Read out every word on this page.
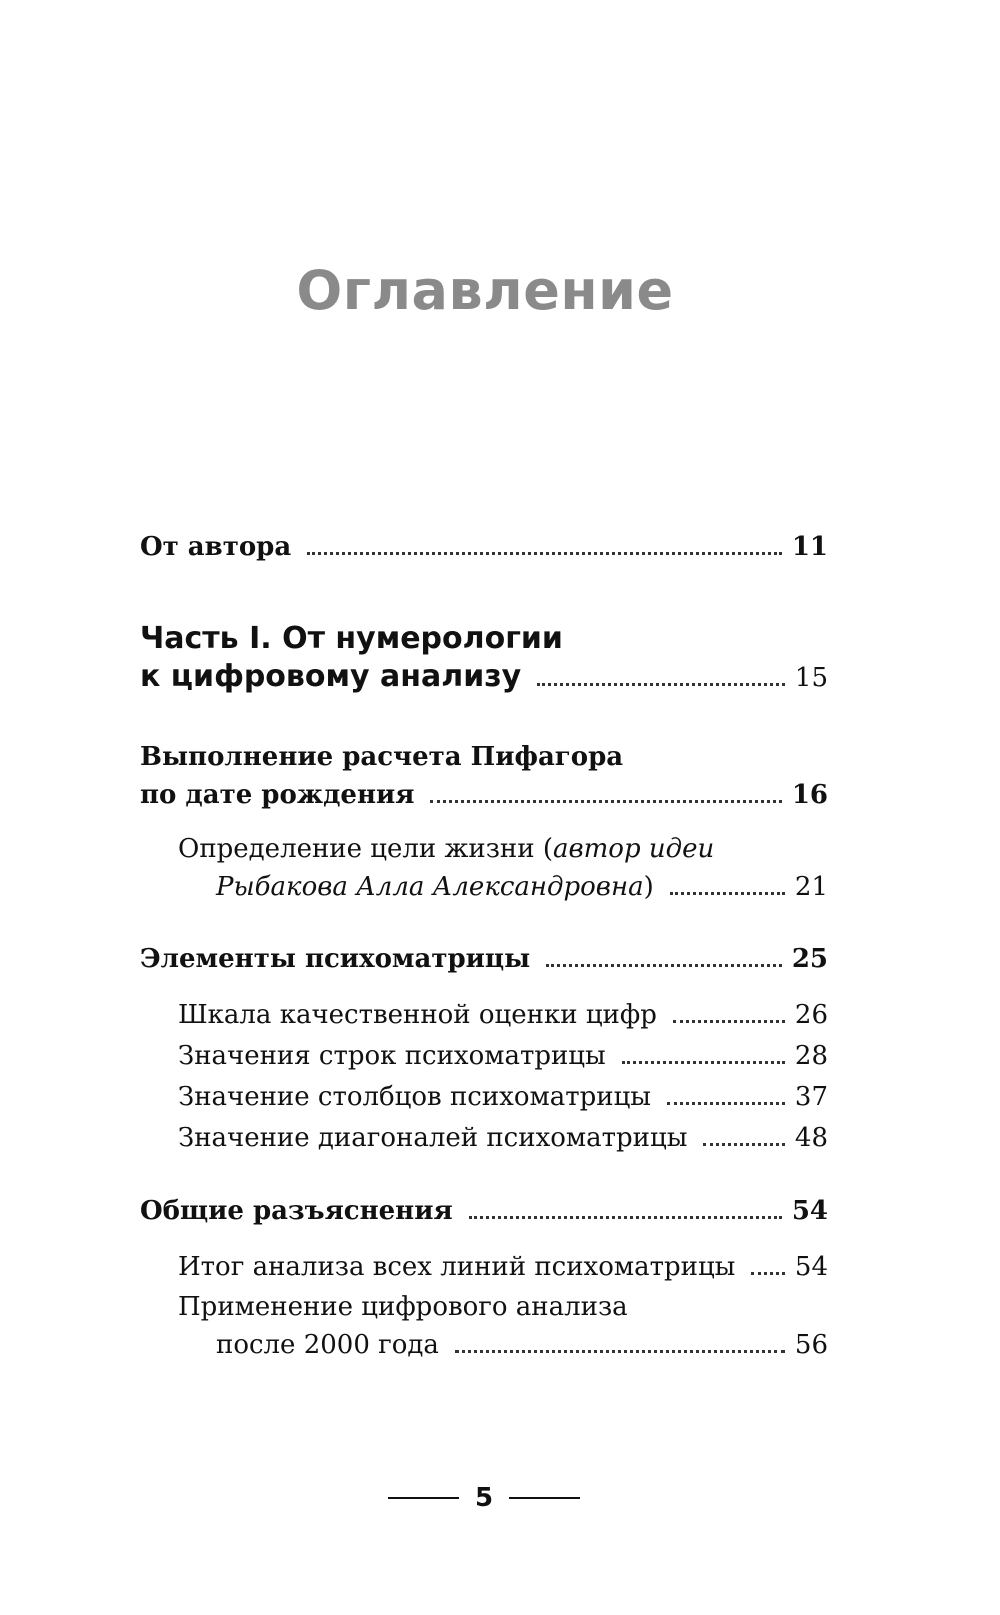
Оглавление
От автора	11
Часть I. От нумерологии
к цифровому анализу	15
Выполнение расчета Пифагора
по дате рождения	16
Определение цели жизни ( автор идеи
Рыбакова Алла Александровна)	21
Элементы психоматрицы	25
Шкала качественной оценки цифр	26
Значения строк психоматрицы	28
Значение столбцов психоматрицы	37
Значение диагоналей психоматрицы	48
Общие разъяснения	54
Итог анализа всех линий психоматрицы 54
Применение цифрового анализа
после 2000 года	56
5
